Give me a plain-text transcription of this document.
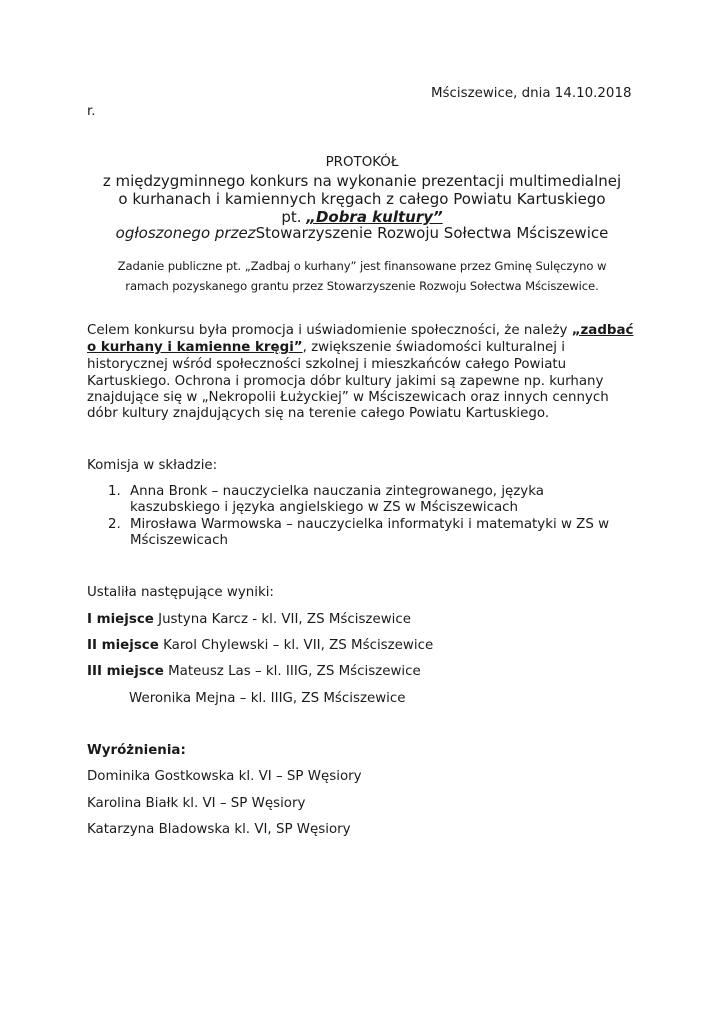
Mściszewice, dnia 14.10.2018
r.
PROTOKÓŁ
z międzygminnego konkurs na wykonanie prezentacji multimedialnej
o kurhanach i kamiennych kręgach z całego Powiatu Kartuskiego
pt. „Dobra kultury”
ogłoszonego przezStowarzyszenie Rozwoju Sołectwa Mściszewice
Zadanie publiczne pt. „Zadbaj o kurhany” jest finansowane przez Gminę Sulęczyno w
ramach pozyskanego grantu przez Stowarzyszenie Rozwoju Sołectwa Mściszewice.
Celem konkursu była promocja i uświadomienie społeczności, że należy „zadbać
o kurhany i kamienne kręgi”, zwiększenie świadomości kulturalnej i
historycznej wśród społeczności szkolnej i mieszkańców całego Powiatu
Kartuskiego. Ochrona i promocja dóbr kultury jakimi są zapewne np. kurhany
znajdujące się w „Nekropolii Łużyckiej” w Mściszewicach oraz innych cennych
dóbr kultury znajdujących się na terenie całego Powiatu Kartuskiego.
Komisja w składzie:
1. Anna Bronk – nauczycielka nauczania zintegrowanego, języka
kaszubskiego i języka angielskiego w ZS w Mściszewicach
2. Mirosława Warmowska – nauczycielka informatyki i matematyki w ZS w
Mściszewicach
Ustaliła następujące wyniki:
I miejsce Justyna Karcz - kl. VII, ZS Mściszewice
II miejsce Karol Chylewski – kl. VII, ZS Mściszewice
III miejsce Mateusz Las – kl. IIIG, ZS Mściszewice
Weronika Mejna – kl. IIIG, ZS Mściszewice
Wyróżnienia:
Dominika Gostkowska kl. VI – SP Węsiory
Karolina Białk kl. VI – SP Węsiory
Katarzyna Bladowska kl. VI, SP Węsiory
